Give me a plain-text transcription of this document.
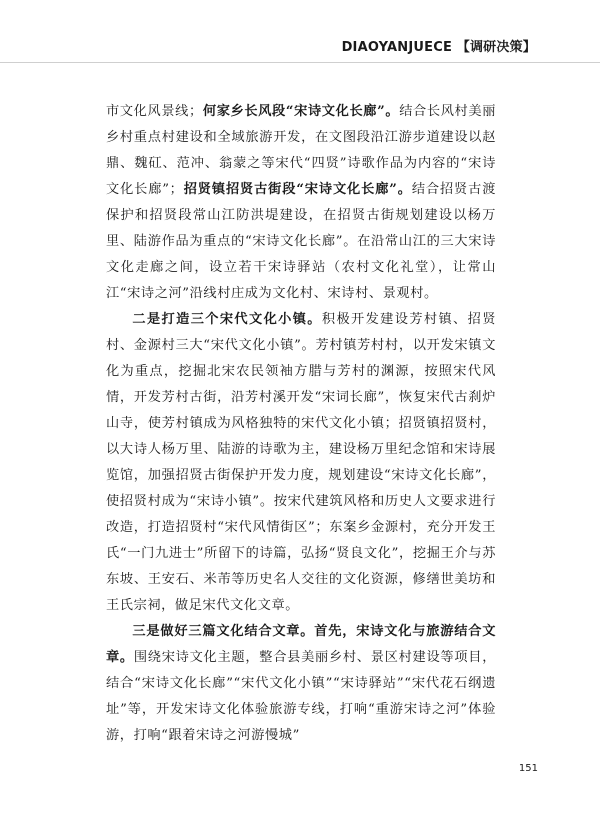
DIAOYANJUECE 【调研决策】

市文化风景线；何家乡长风段“宋诗文化长廊”。结合长风村美丽乡村重点村建设和全域旅游开发，在文图段沿江游步道建设以赵鼎、魏矼、范冲、翁蒙之等宋代“四贤”诗歌作品为内容的“宋诗文化长廊”；招贤镇招贤古街段“宋诗文化长廊”。结合招贤古渡保护和招贤段常山江防洪堤建设，在招贤古街规划建设以杨万里、陆游作品为重点的“宋诗文化长廊”。在沿常山江的三大宋诗文化走廊之间，设立若干宋诗驿站（农村文化礼堂），让常山江“宋诗之河”沿线村庄成为文化村、宋诗村、景观村。

二是打造三个宋代文化小镇。积极开发建设芳村镇、招贤村、金源村三大“宋代文化小镇”。芳村镇芳村村，以开发宋镇文化为重点，挖掘北宋农民领袖方腊与芳村的渊源，按照宋代风情，开发芳村古街，沿芳村溪开发“宋词长廊”，恢复宋代古刹炉山寺，使芳村镇成为风格独特的宋代文化小镇；招贤镇招贤村，以大诗人杨万里、陆游的诗歌为主，建设杨万里纪念馆和宋诗展览馆，加强招贤古街保护开发力度，规划建设“宋诗文化长廊”，使招贤村成为“宋诗小镇”。按宋代建筑风格和历史人文要求进行改造，打造招贤村“宋代风情街区”；东案乡金源村，充分开发王氏“一门九进士”所留下的诗篇，弘扬“贤良文化”，挖掘王介与苏东坡、王安石、米芾等历史名人交往的文化资源，修缮世美坊和王氏宗祠，做足宋代文化文章。

三是做好三篇文化结合文章。首先，宋诗文化与旅游结合文章。围绕宋诗文化主题，整合县美丽乡村、景区村建设等项目，结合“宋诗文化长廊”“宋代文化小镇”“宋诗驿站”“宋代花石纲遗址”等，开发宋诗文化体验旅游专线，打响“重游宋诗之河”体验游，打响“跟着宋诗之河游慢城”

151
